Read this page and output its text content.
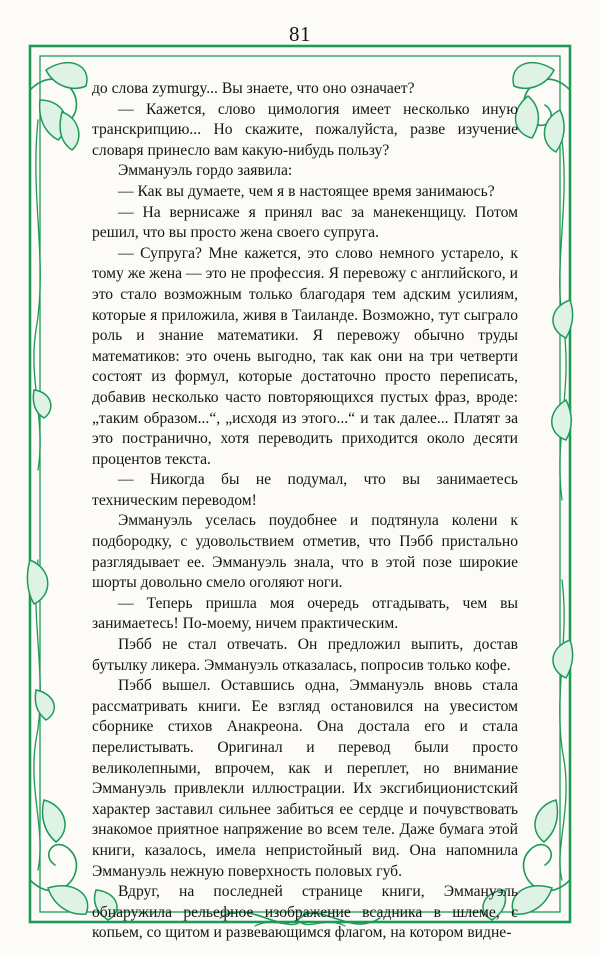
81

до слова zymurgy... Вы знаете, что оно означает?

— Кажется, слово цимология имеет несколько иную транскрипцию... Но скажите, пожалуйста, разве изучение словаря принесло вам какую-нибудь пользу?

Эммануэль гордо заявила:

— Как вы думаете, чем я в настоящее время занимаюсь?

— На вернисаже я принял вас за манекенщицу. Потом решил, что вы просто жена своего супруга.

— Супруга? Мне кажется, это слово немного устарело, к тому же жена — это не профессия. Я перевожу с английского, и это стало возможным только благодаря тем адским усилиям, которые я приложила, живя в Таиланде. Возможно, тут сыграло роль и знание математики. Я перевожу обычно труды математиков: это очень выгодно, так как они на три четверти состоят из формул, которые достаточно просто переписать, добавив несколько часто повторяющихся пустых фраз, вроде: „таким образом...“, „исходя из этого...“ и так далее... Платят за это постранично, хотя переводить приходится около десяти процентов текста.

— Никогда бы не подумал, что вы занимаетесь техническим переводом!

Эммануэль уселась поудобнее и подтянула колени к подбородку, с удовольствием отметив, что Пэбб пристально разглядывает ее. Эммануэль знала, что в этой позе широкие шорты довольно смело оголяют ноги.

— Теперь пришла моя очередь отгадывать, чем вы занимаетесь! По-моему, ничем практическим.

Пэбб не стал отвечать. Он предложил выпить, достав бутылку ликера. Эммануэль отказалась, попросив только кофе.

Пэбб вышел. Оставшись одна, Эммануэль вновь стала рассматривать книги. Ее взгляд остановился на увесистом сборнике стихов Анакреона. Она достала его и стала перелистывать. Оригинал и перевод были просто великолепными, впрочем, как и переплет, но внимание Эммануэль привлекли иллюстрации. Их эксгибиционистский характер заставил сильнее забиться ее сердце и почувствовать знакомое приятное напряжение во всем теле. Даже бумага этой книги, казалось, имела непристойный вид. Она напомнила Эммануэль нежную поверхность половых губ.

Вдруг, на последней странице книги, Эммануэль обнаружила рельефное изображение всадника в шлеме, с копьем, со щитом и развевающимся флагом, на котором видне-
